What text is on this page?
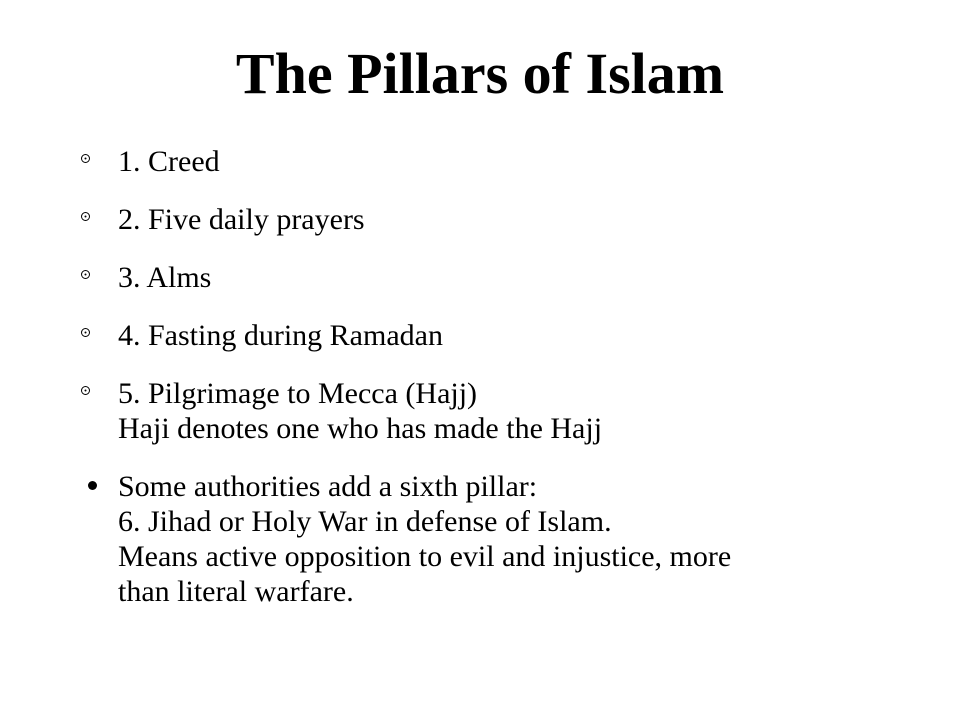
The Pillars of Islam
1. Creed
2. Five daily prayers
3. Alms
4. Fasting during Ramadan
5. Pilgrimage to Mecca (Hajj)
Haji denotes one who has made the Hajj
Some authorities add a sixth pillar:
6. Jihad or Holy War in defense of Islam.
Means active opposition to evil and injustice, more
than literal warfare.
